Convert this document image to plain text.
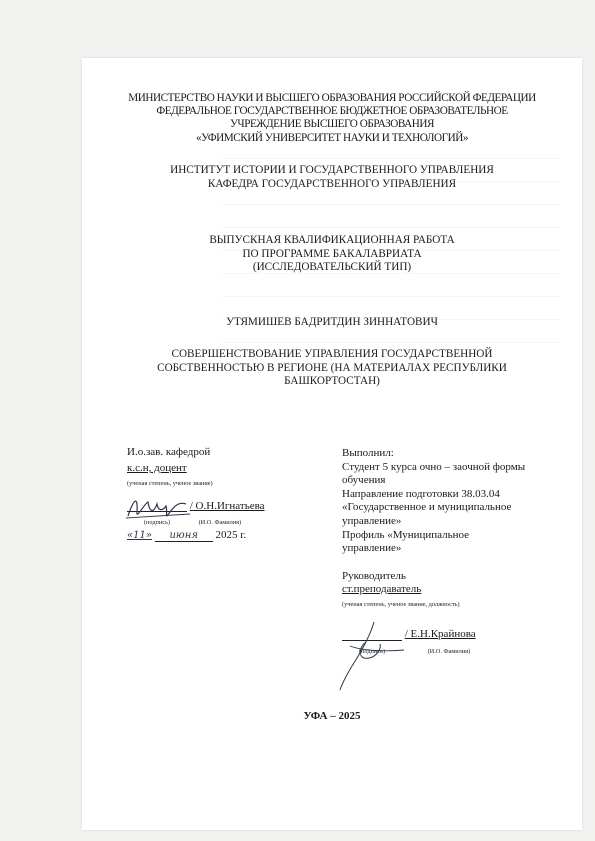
МИНИСТЕРСТВО НАУКИ И ВЫСШЕГО ОБРАЗОВАНИЯ РОССИЙСКОЙ ФЕДЕРАЦИИ
ФЕДЕРАЛЬНОЕ ГОСУДАРСТВЕННОЕ БЮДЖЕТНОЕ ОБРАЗОВАТЕЛЬНОЕ
УЧРЕЖДЕНИЕ ВЫСШЕГО ОБРАЗОВАНИЯ
«УФИМСКИЙ УНИВЕРСИТЕТ НАУКИ И ТЕХНОЛОГИЙ»
ИНСТИТУТ ИСТОРИИ И ГОСУДАРСТВЕННОГО УПРАВЛЕНИЯ
КАФЕДРА ГОСУДАРСТВЕННОГО УПРАВЛЕНИЯ
ВЫПУСКНАЯ КВАЛИФИКАЦИОННАЯ РАБОТА
ПО ПРОГРАММЕ БАКАЛАВРИАТА
(ИССЛЕДОВАТЕЛЬСКИЙ ТИП)
УТЯМИШЕВ БАДРИТДИН ЗИННАТОВИЧ
СОВЕРШЕНСТВОВАНИЕ УПРАВЛЕНИЯ ГОСУДАРСТВЕННОЙ
СОБСТВЕННОСТЬЮ В РЕГИОНЕ (НА МАТЕРИАЛАХ РЕСПУБЛИКИ
БАШКОРТОСТАН)
И.о.зав. кафедрой
к.с.н, доцент
(ученая степень, ученое звание)
/ О.Н.Игнатьева
(подпись)	(И.О. Фамилия)
«11» июня 2025 г.
Выполнил:
Студент 5 курса очно – заочной формы
обучения
Направление подготовки 38.03.04
«Государственное и муниципальное
управление»
Профиль «Муниципальное
управление»
Руководитель
ст.преподаватель
(ученая степень, ученое звание, должность)
/ Е.Н.Крайнова
(подпись)	(И.О. Фамилия)
УФА – 2025
